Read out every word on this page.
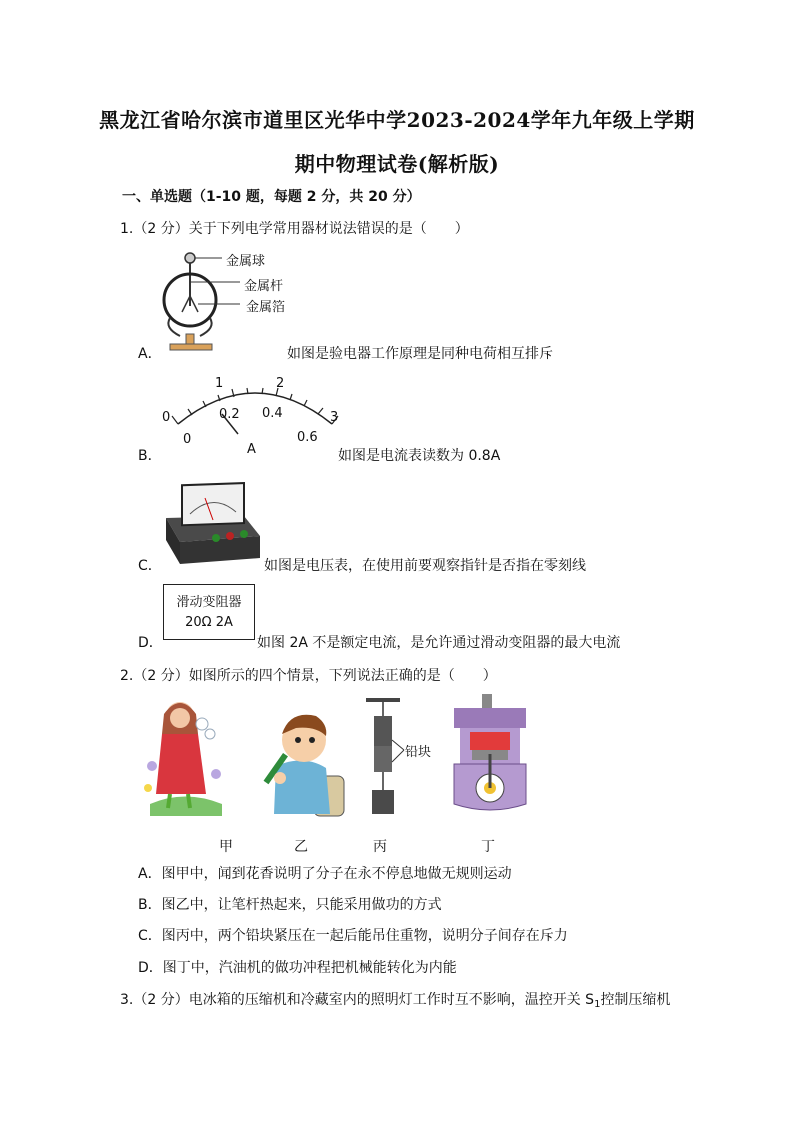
黑龙江省哈尔滨市道里区光华中学2023-2024学年九年级上学期
期中物理试卷(解析版)
一、单选题（1-10 题，每题 2 分，共 20 分）
1.（2 分）关于下列电学常用器材说法错误的是（　　）
金属球
金属杆
金属箔
A．	如图是验电器工作原理是同种电荷相互排斥
0
1	2
3
0
0.2 0.4
0.6
A
B．	如图是电流表读数为 0.8A
C．	如图是电压表，在使用前要观察指针是否指在零刻线
滑动变阻器
20Ω 2A
D．	如图 2A 不是额定电流，是允许通过滑动变阻器的最大电流
2.（2 分）如图所示的四个情景，下列说法正确的是（　　）
铅块
甲	乙	丙	丁
A．图甲中，闻到花香说明了分子在永不停息地做无规则运动
B．图乙中，让笔杆热起来，只能采用做功的方式
C．图丙中，两个铅块紧压在一起后能吊住重物，说明分子间存在斥力
D．图丁中，汽油机的做功冲程把机械能转化为内能
3.（2 分）电冰箱的压缩机和冷藏室内的照明灯工作时互不影响，温控开关 $S_1$控制压缩机
